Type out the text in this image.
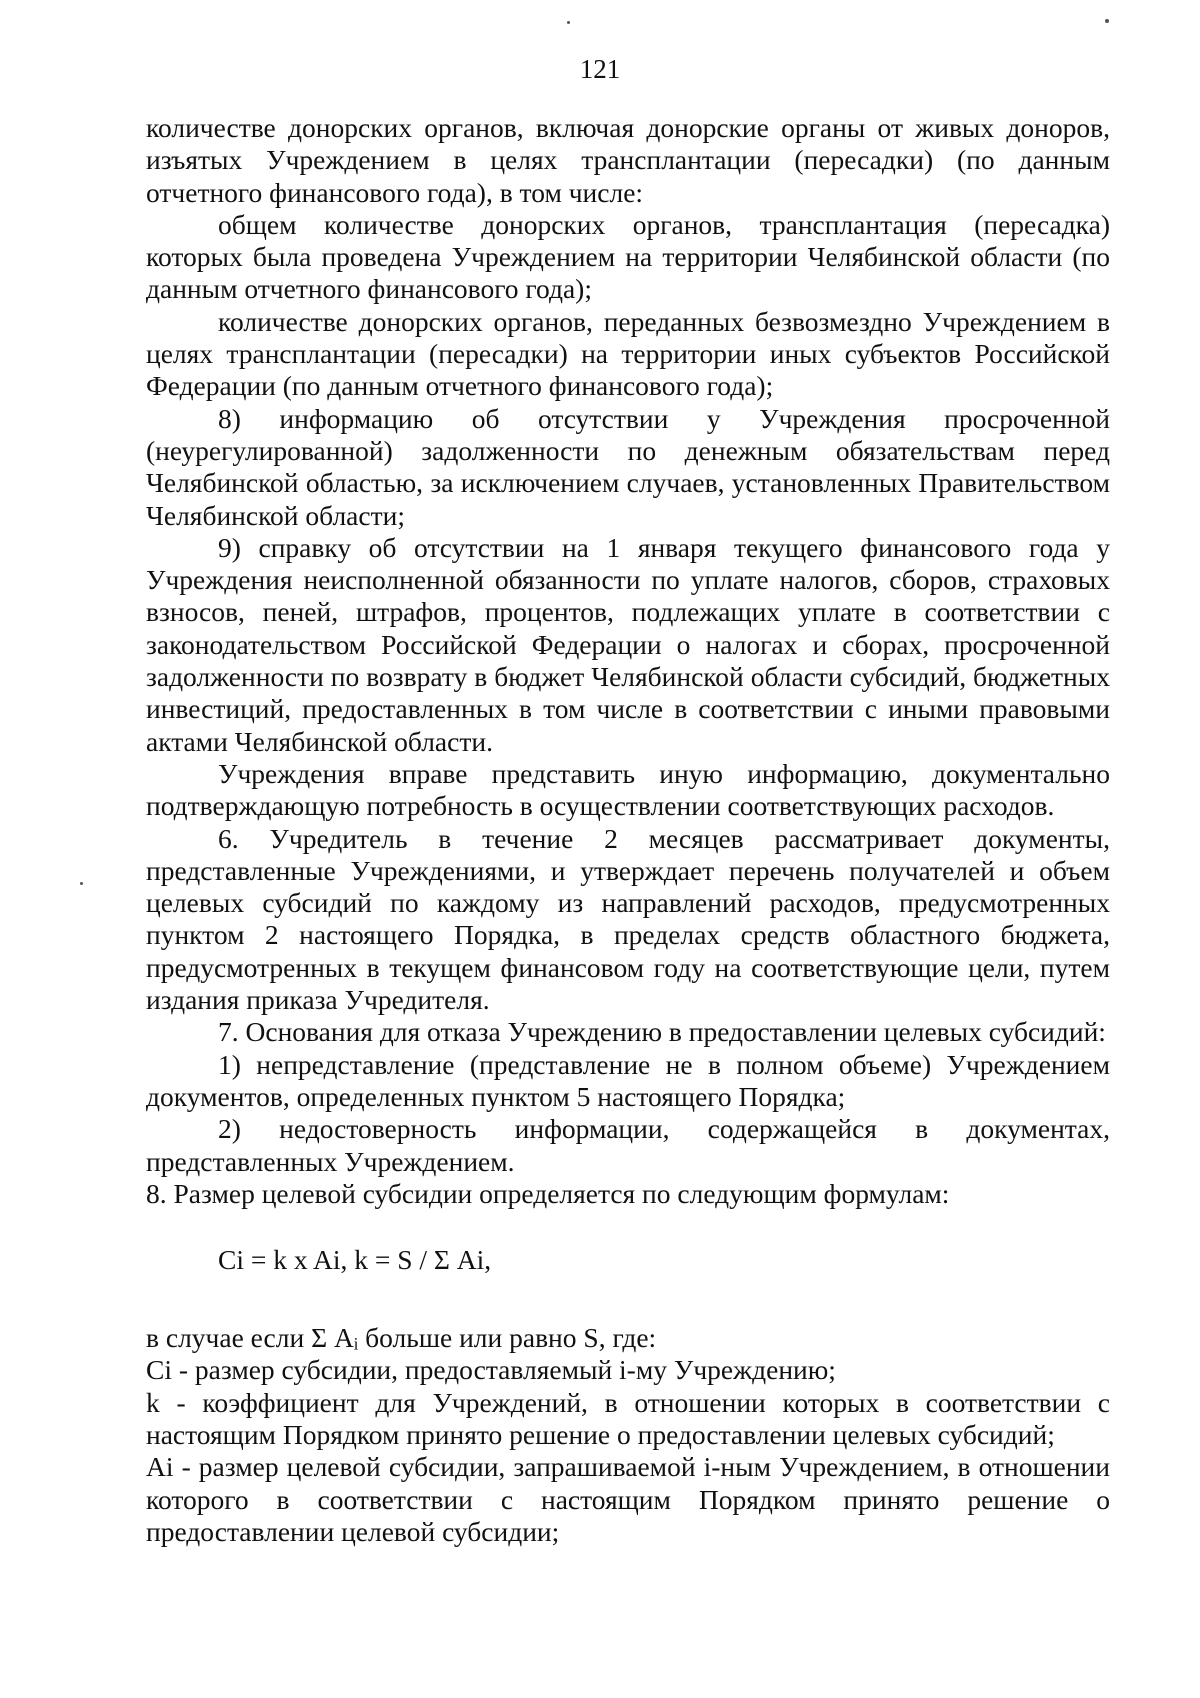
121

количестве донорских органов, включая донорские органы от живых доноров, изъятых Учреждением в целях трансплантации (пересадки) (по данным отчетного финансового года), в том числе:

общем количестве донорских органов, трансплантация (пересадка) которых была проведена Учреждением на территории Челябинской области (по данным отчетного финансового года);

количестве донорских органов, переданных безвозмездно Учреждением в целях трансплантации (пересадки) на территории иных субъектов Российской Федерации (по данным отчетного финансового года);

8) информацию об отсутствии у Учреждения просроченной (неурегулированной) задолженности по денежным обязательствам перед Челябинской областью, за исключением случаев, установленных Правительством Челябинской области;

9) справку об отсутствии на 1 января текущего финансового года у Учреждения неисполненной обязанности по уплате налогов, сборов, страховых взносов, пеней, штрафов, процентов, подлежащих уплате в соответствии с законодательством Российской Федерации о налогах и сборах, просроченной задолженности по возврату в бюджет Челябинской области субсидий, бюджетных инвестиций, предоставленных в том числе в соответствии с иными правовыми актами Челябинской области.

Учреждения вправе представить иную информацию, документально подтверждающую потребность в осуществлении соответствующих расходов.

6. Учредитель в течение 2 месяцев рассматривает документы, представленные Учреждениями, и утверждает перечень получателей и объем целевых субсидий по каждому из направлений расходов, предусмотренных пунктом 2 настоящего Порядка, в пределах средств областного бюджета, предусмотренных в текущем финансовом году на соответствующие цели, путем издания приказа Учредителя.

7. Основания для отказа Учреждению в предоставлении целевых субсидий:

1) непредставление (представление не в полном объеме) Учреждением документов, определенных пунктом 5 настоящего Порядка;

2) недостоверность информации, содержащейся в документах, представленных Учреждением.

8. Размер целевой субсидии определяется по следующим формулам:

Ci = k x Ai, k = S / Σ Ai,

в случае если Σ Aᵢ больше или равно S, где:

Ci - размер субсидии, предоставляемый i-му Учреждению;

k - коэффициент для Учреждений, в отношении которых в соответствии с настоящим Порядком принято решение о предоставлении целевых субсидий;

Ai - размер целевой субсидии, запрашиваемой i-ным Учреждением, в отношении которого в соответствии с настоящим Порядком принято решение о предоставлении целевой субсидии;
